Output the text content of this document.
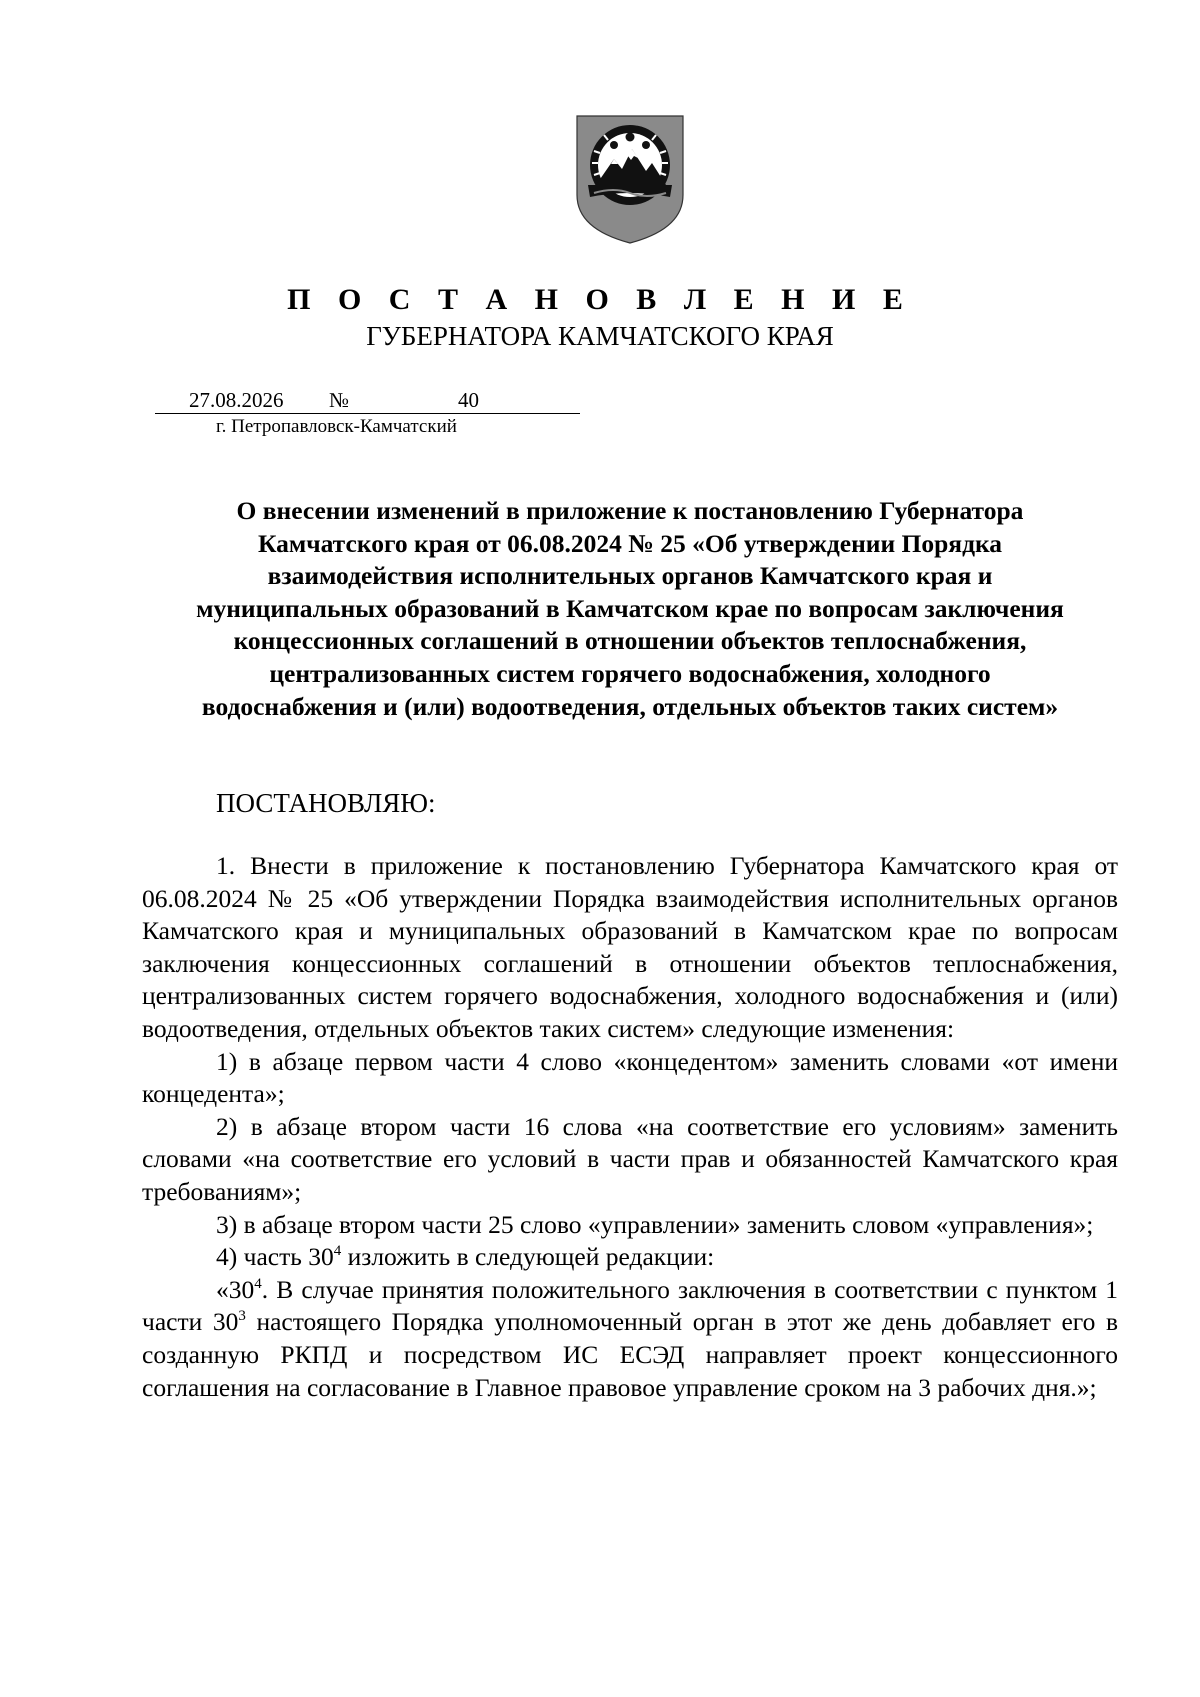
П О С Т А Н О В Л Е Н И Е
ГУБЕРНАТОРА КАМЧАТСКОГО КРАЯ
27.08.2026 №	40
г. Петропавловск-Камчатский
О внесении изменений в приложение к постановлению Губернатора
Камчатского края от 06.08.2024 № 25 «Об утверждении Порядка
взаимодействия исполнительных органов Камчатского края и
муниципальных образований в Камчатском крае по вопросам заключения
концессионных соглашений в отношении объектов теплоснабжения,
централизованных систем горячего водоснабжения, холодного
водоснабжения и (или) водоотведения, отдельных объектов таких систем»
ПОСТАНОВЛЯЮ:

1. Внести в приложение к постановлению Губернатора Камчатского края от 06.08.2024 № 25 «Об утверждении Порядка взаимодействия исполнительных органов Камчатского края и муниципальных образований в Камчатском крае по вопросам заключения концессионных соглашений в отношении объектов теплоснабжения, централизованных систем горячего водоснабжения, холодного водоснабжения и (или) водоотведения, отдельных объектов таких систем» следующие изменения:

1) в абзаце первом части 4 слово «концедентом» заменить словами «от имени концедента»;

2) в абзаце втором части 16 слова «на соответствие его условиям» заменить словами «на соответствие его условий в части прав и обязанностей Камчатского края требованиям»;

3) в абзаце втором части 25 слово «управлении» заменить словом «управления»;

4) часть $30^4$ изложить в следующей редакции:

«$30^4$. В случае принятия положительного заключения в соответствии с пунктом 1 части $30^3$ настоящего Порядка уполномоченный орган в этот же день добавляет его в созданную РКПД и посредством ИС ЕСЭД направляет проект концессионного соглашения на согласование в Главное правовое управление сроком на 3 рабочих дня.»;
